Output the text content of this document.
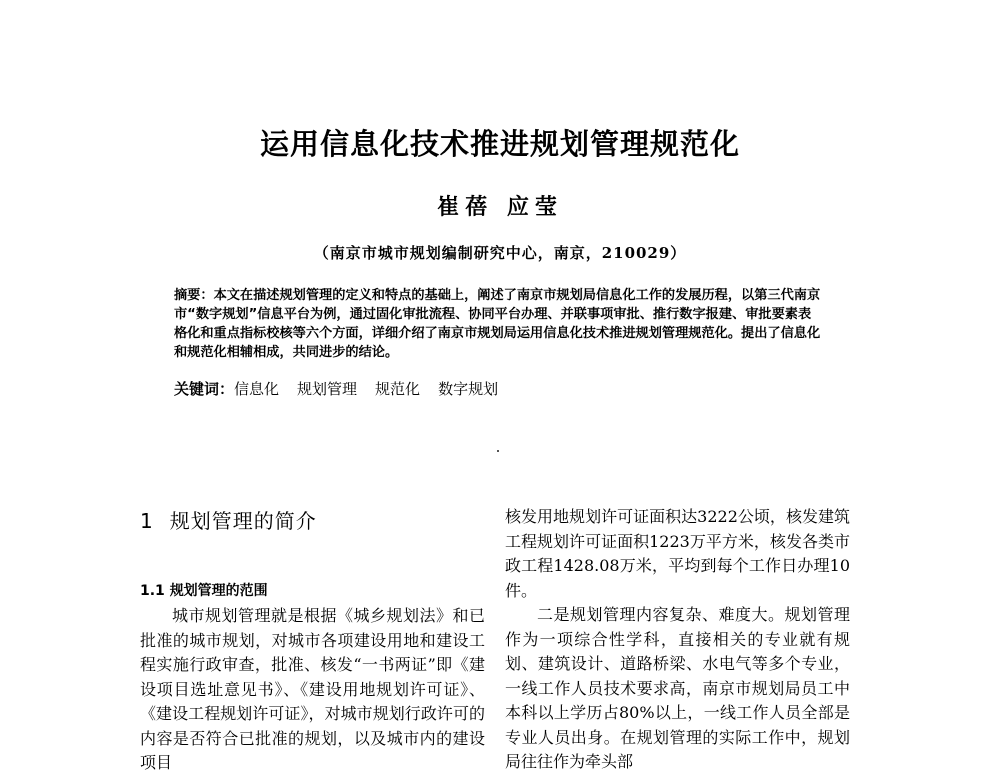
运用信息化技术推进规划管理规范化
崔蓓 应莹
（南京市城市规划编制研究中心，南京，210029）
摘要：本文在描述规划管理的定义和特点的基础上，阐述了南京市规划局信息化工作的发展历程，以第三代南京市“数字规划”信息平台为例，通过固化审批流程、协同平台办理、并联事项审批、推行数字报建、审批要素表格化和重点指标校核等六个方面，详细介绍了南京市规划局运用信息化技术推进规划管理规范化。提出了信息化和规范化相辅相成，共同进步的结论。
关键词：信息化 规划管理 规范化 数字规划
1 规划管理的简介
1.1 规划管理的范围

城市规划管理就是根据《城乡规划法》和已批准的城市规划，对城市各项建设用地和建设工程实施行政审查，批准、核发“一书两证”即《建设项目选址意见书》、《建设用地规划许可证》、《建设工程规划许可证》，对城市规划行政许可的内容是否符合已批准的规划，以及城市内的建设项目

核发用地规划许可证面积达3222公顷，核发建筑工程规划许可证面积1223万平方米，核发各类市政工程1428.08万米，平均到每个工作日办理10件。

二是规划管理内容复杂、难度大。规划管理作为一项综合性学科，直接相关的专业就有规划、建筑设计、道路桥梁、水电气等多个专业，一线工作人员技术要求高，南京市规划局员工中本科以上学历占80%以上，一线工作人员全部是专业人员出身。在规划管理的实际工作中，规划局往往作为牵头部
